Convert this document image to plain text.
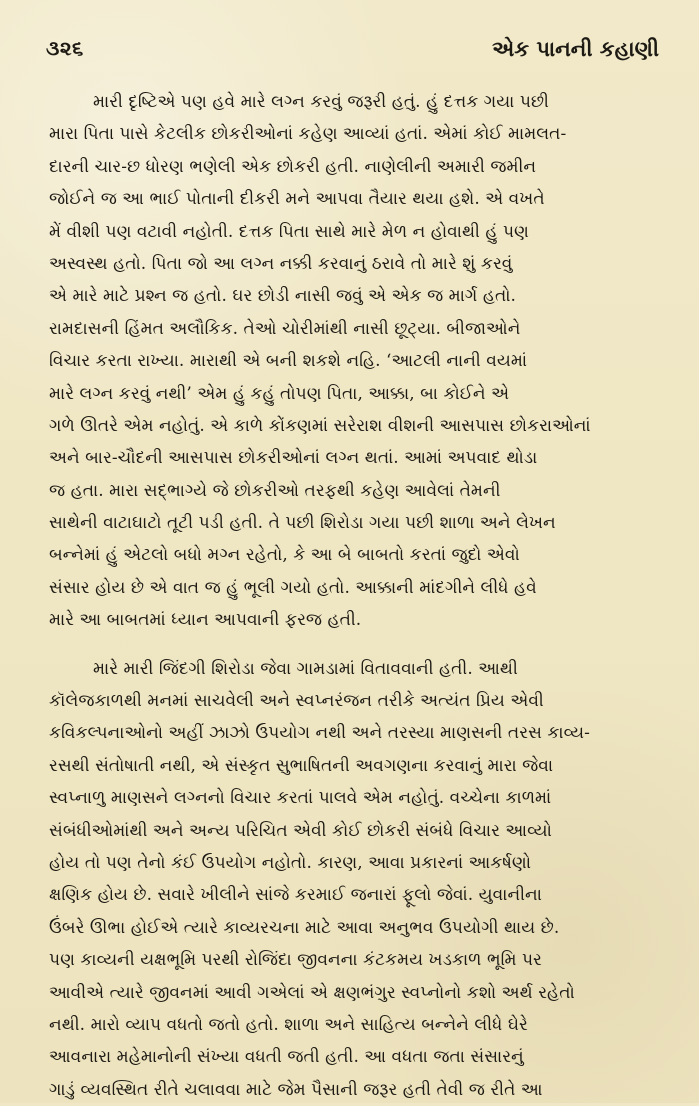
૩૨૬	એક પાનની કહાણી
મારી દૃષ્ટિએ પણ હવે મારે લગ્ન કરવું જરૂરી હતું. હું દત્તક ગયા પછી
મારા પિતા પાસે કેટલીક છોકરીઓનાં કહેણ આવ્યાં હતાં. એમાં કોઈ મામલત-
દારની ચાર-છ ધોરણ ભણેલી એક છોકરી હતી. નાણેલીની અમારી જમીન
જોઈને જ આ ભાઈ પોતાની દીકરી મને આપવા તૈયાર થયા હશે. એ વખતે
મેં વીશી પણ વટાવી નહોતી. દત્તક પિતા સાથે મારે મેળ ન હોવાથી હું પણ
અસ્વસ્થ હતો. પિતા જો આ લગ્ન નક્કી કરવાનું ઠરાવે તો મારે શું કરવું
એ મારે માટે પ્રશ્ન જ હતો. ઘર છોડી નાસી જવું એ એક જ માર્ગ હતો.
રામદાસની હિંમત અલૌકિક. તેઓ ચોરીમાંથી નાસી છૂટ્યા. બીજાઓને
વિચાર કરતા રાખ્યા. મારાથી એ બની શકશે નહિ. ‘આટલી નાની વયમાં
મારે લગ્ન કરવું નથી’ એમ હું કહું તોપણ પિતા, આક્કા, બા કોઈને એ
ગળે ઊતરે એમ નહોતું. એ કાળે કોંકણમાં સરેરાશ વીશની આસપાસ છોકરાઓનાં
અને બાર-ચૌદની આસપાસ છોકરીઓનાં લગ્ન થતાં. આમાં અપવાદ થોડા
જ હતા. મારા સદ્ભાગ્યે જે છોકરીઓ તરફથી કહેણ આવેલાં તેમની
સાથેની વાટાઘાટો તૂટી પડી હતી. તે પછી શિરોડા ગયા પછી શાળા અને લેખન
બન્નેમાં હું એટલો બધો મગ્ન રહેતો, કે આ બે બાબતો કરતાં જુદો એવો
સંસાર હોય છે એ વાત જ હું ભૂલી ગયો હતો. આક્કાની માંદગીને લીધે હવે
મારે આ બાબતમાં ધ્યાન આપવાની ફરજ હતી.
મારે મારી જિંદગી શિરોડા જેવા ગામડામાં વિતાવવાની હતી. આથી
કૉલેજકાળથી મનમાં સાચવેલી અને સ્વપ્નરંજન તરીકે અત્યંત પ્રિય એવી
કવિકલ્પનાઓનો અહીં ઝાઝો ઉપયોગ નથી અને તરસ્યા માણસની તરસ કાવ્ય-
રસથી સંતોષાતી નથી, એ સંસ્કૃત સુભાષિતની અવગણના કરવાનું મારા જેવા
સ્વપ્નાળુ માણસને લગ્નનો વિચાર કરતાં પાલવે એમ નહોતું. વચ્ચેના કાળમાં
સંબંધીઓમાંથી અને અન્ય પરિચિત એવી કોઈ છોકરી સંબંધે વિચાર આવ્યો
હોય તો પણ તેનો કંઈ ઉપયોગ નહોતો. કારણ, આવા પ્રકારનાં આકર્ષણો
ક્ષણિક હોય છે. સવારે ખીલીને સાંજે કરમાઈ જનારાં ફૂલો જેવાં. યુવાનીના
ઉંબરે ઊભા હોઈએ ત્યારે કાવ્યરચના માટે આવા અનુભવ ઉપયોગી થાય છે.
પણ કાવ્યની યક્ષભૂમિ પરથી રોજિંદા જીવનના કંટકમય ખડકાળ ભૂમિ પર
આવીએ ત્યારે જીવનમાં આવી ગએલાં એ ક્ષણભંગુર સ્વપ્નોનો કશો અર્થ રહેતો
નથી. મારો વ્યાપ વધતો જતો હતો. શાળા અને સાહિત્ય બન્નેને લીધે ઘેરે
આવનારા મહેમાનોની સંખ્યા વધતી જતી હતી. આ વધતા જતા સંસારનું
ગાડું વ્યવસ્થિત રીતે ચલાવવા માટે જેમ પૈસાની જરૂર હતી તેવી જ રીતે આ
